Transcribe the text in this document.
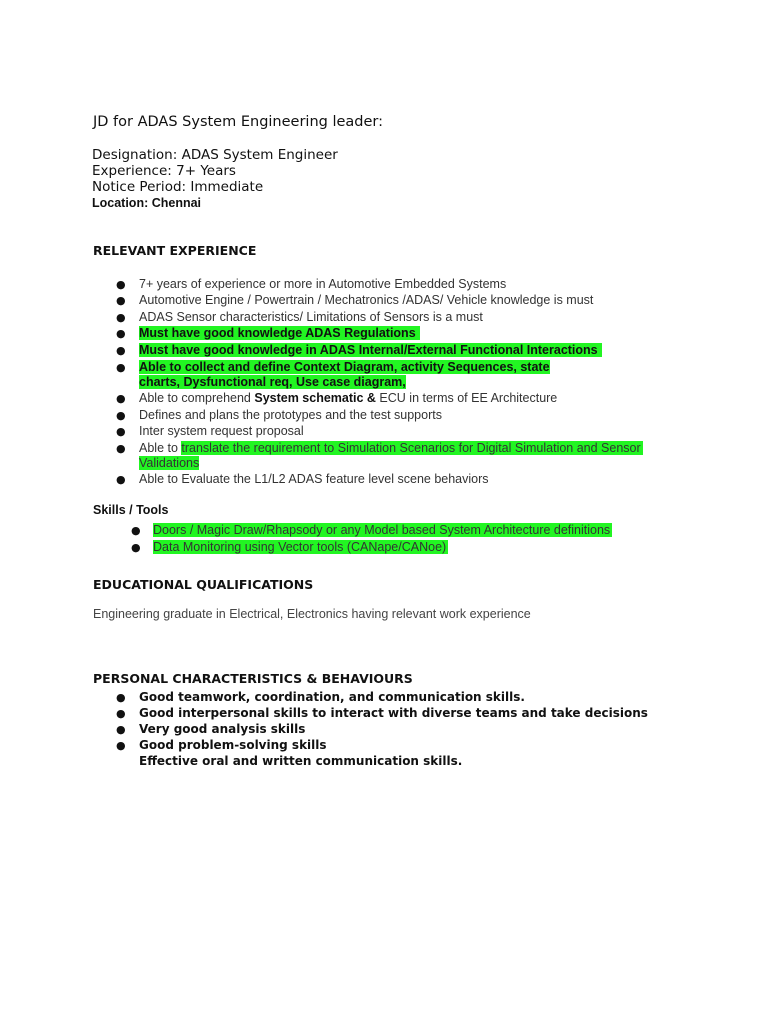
JD for ADAS System Engineering leader:
Designation: ADAS System Engineer
Experience: 7+ Years
Notice Period: Immediate
Location: Chennai
RELEVANT EXPERIENCE
● 7+ years of experience or more in Automotive Embedded Systems
● Automotive Engine / Powertrain / Mechatronics /ADAS/ Vehicle knowledge is must
● ADAS Sensor characteristics/ Limitations of Sensors is a must
● Must have good knowledge ADAS Regulations
● Must have good knowledge in ADAS Internal/External Functional Interactions
● Able to collect and define Context Diagram, activity Sequences, state
charts, Dysfunctional req, Use case diagram,
● Able to comprehend System schematic & ECU in terms of EE Architecture
● Defines and plans the prototypes and the test supports
● Inter system request proposal
● Able to translate the requirement to Simulation Scenarios for Digital Simulation and Sensor
Validations
● Able to Evaluate the L1/L2 ADAS feature level scene behaviors
Skills / Tools
● Doors / Magic Draw/Rhapsody or any Model based System Architecture definitions
● Data Monitoring using Vector tools (CANape/CANoe)
EDUCATIONAL QUALIFICATIONS
Engineering graduate in Electrical, Electronics having relevant work experience
PERSONAL CHARACTERISTICS & BEHAVIOURS
● Good teamwork, coordination, and communication skills.
● Good interpersonal skills to interact with diverse teams and take decisions
● Very good analysis skills
● Good problem-solving skills
Effective oral and written communication skills.
